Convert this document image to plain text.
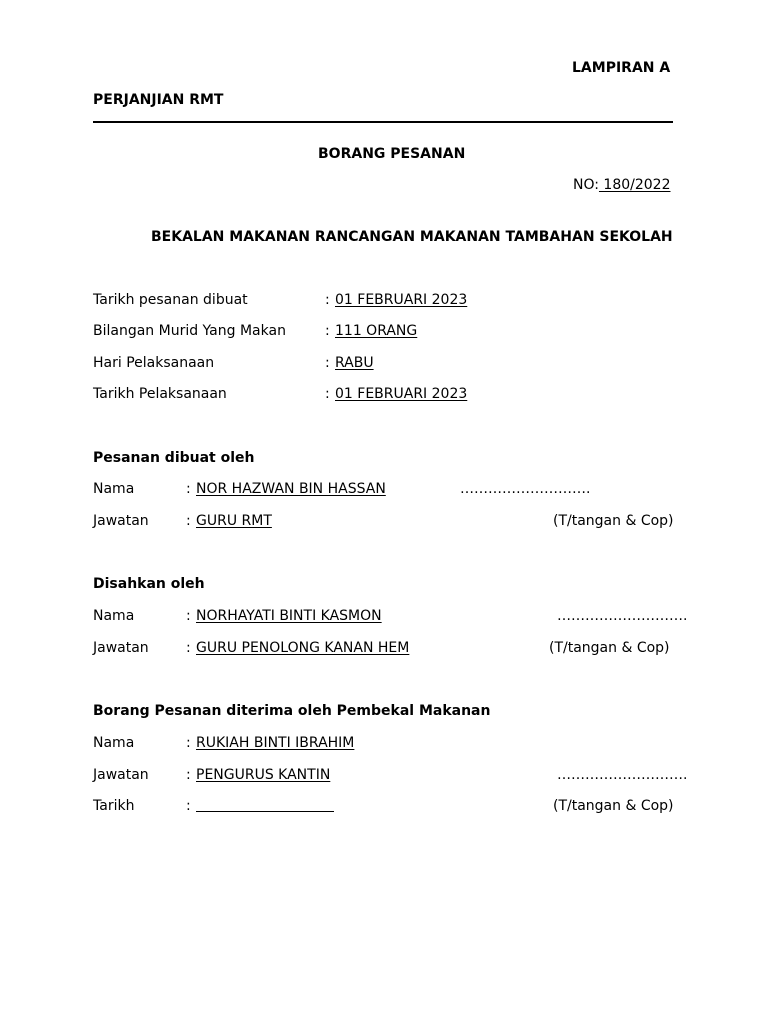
LAMPIRAN A
PERJANJIAN RMT
BORANG PESANAN
NO: 180/2022
BEKALAN MAKANAN RANCANGAN MAKANAN TAMBAHAN SEKOLAH
Tarikh pesanan dibuat	: 01 FEBRUARI 2023
Bilangan Murid Yang Makan	: 111 ORANG
Hari Pelaksanaan	: RABU
Tarikh Pelaksanaan	: 01 FEBRUARI 2023
Pesanan dibuat oleh
Nama	: NOR HAZWAN BIN HASSAN	……………………….
Jawatan	: GURU RMT	(T/tangan & Cop)
Disahkan oleh
Nama	: NORHAYATI BINTI KASMON	……………………….
Jawatan	: GURU PENOLONG KANAN HEM	(T/tangan & Cop)
Borang Pesanan diterima oleh Pembekal Makanan
Nama	: RUKIAH BINTI IBRAHIM
Jawatan	: PENGURUS KANTIN	……………………….
Tarikh	:	(T/tangan & Cop)
